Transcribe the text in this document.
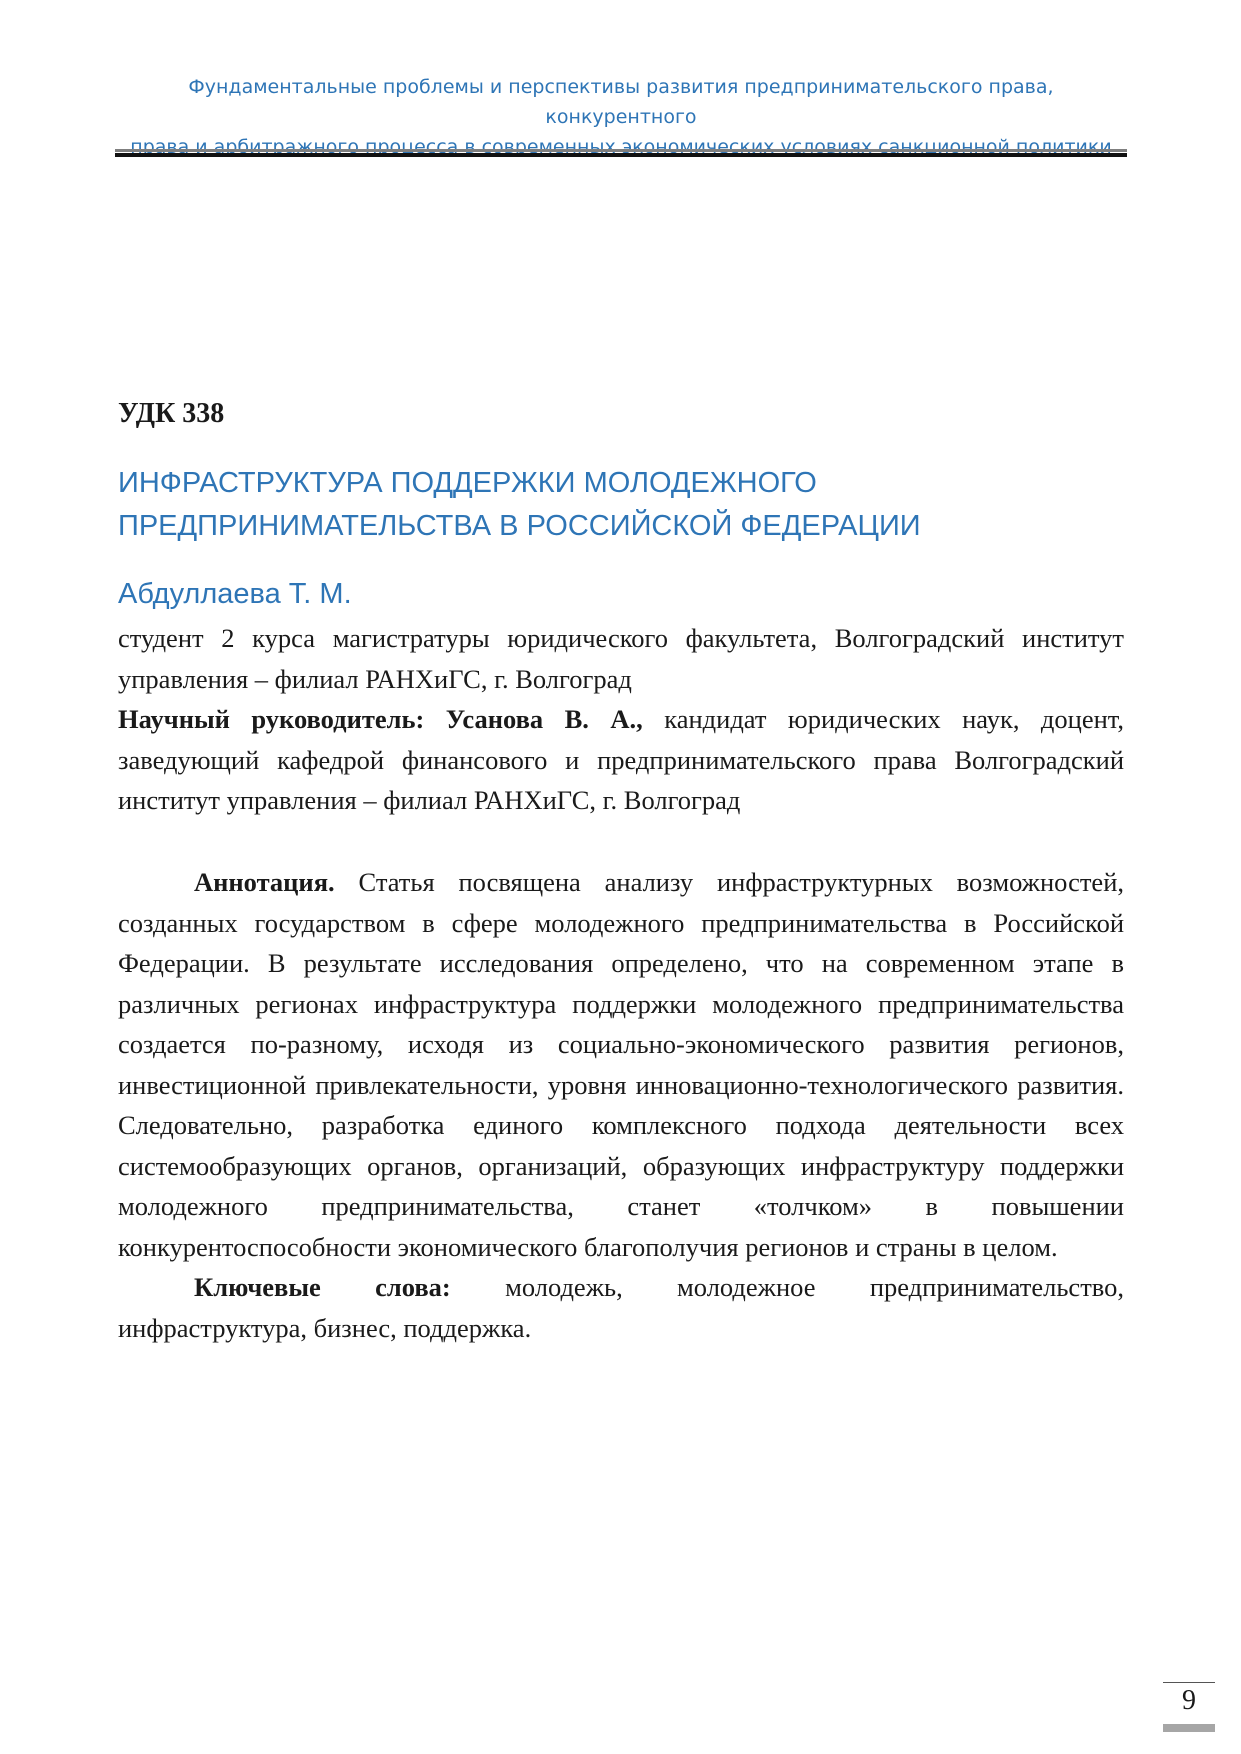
Фундаментальные проблемы и перспективы развития предпринимательского права, конкурентного
права и арбитражного процесса в современных экономических условиях санкционной политики
УДК 338
ИНФРАСТРУКТУРА ПОДДЕРЖКИ МОЛОДЕЖНОГО
ПРЕДПРИНИМАТЕЛЬСТВА В РОССИЙСКОЙ ФЕДЕРАЦИИ
Абдуллаева Т. М.

студент 2 курса магистратуры юридического факультета, Волгоградский институт управления – филиал РАНХиГС, г. Волгоград

Научный руководитель: Усанова В. А., кандидат юридических наук, доцент, заведующий кафедрой финансового и предпринимательского права Волгоградский институт управления – филиал РАНХиГС, г. Волгоград

Аннотация. Статья посвящена анализу инфраструктурных возможностей, созданных государством в сфере молодежного предпринимательства в Российской Федерации. В результате исследования определено, что на современном этапе в различных регионах инфраструктура поддержки молодежного предпринимательства создается по-разному, исходя из социально-экономического развития регионов, инвестиционной привлекательности, уровня инновационно-технологического развития. Следовательно, разработка единого комплексного подхода деятельности всех системообразующих органов, организаций, образующих инфраструктуру поддержки молодежного предпринимательства, станет «толчком» в повышении конкурентоспособности экономического благополучия регионов и страны в целом.

Ключевые слова: молодежь, молодежное предпринимательство, инфраструктура, бизнес, поддержка.

9
